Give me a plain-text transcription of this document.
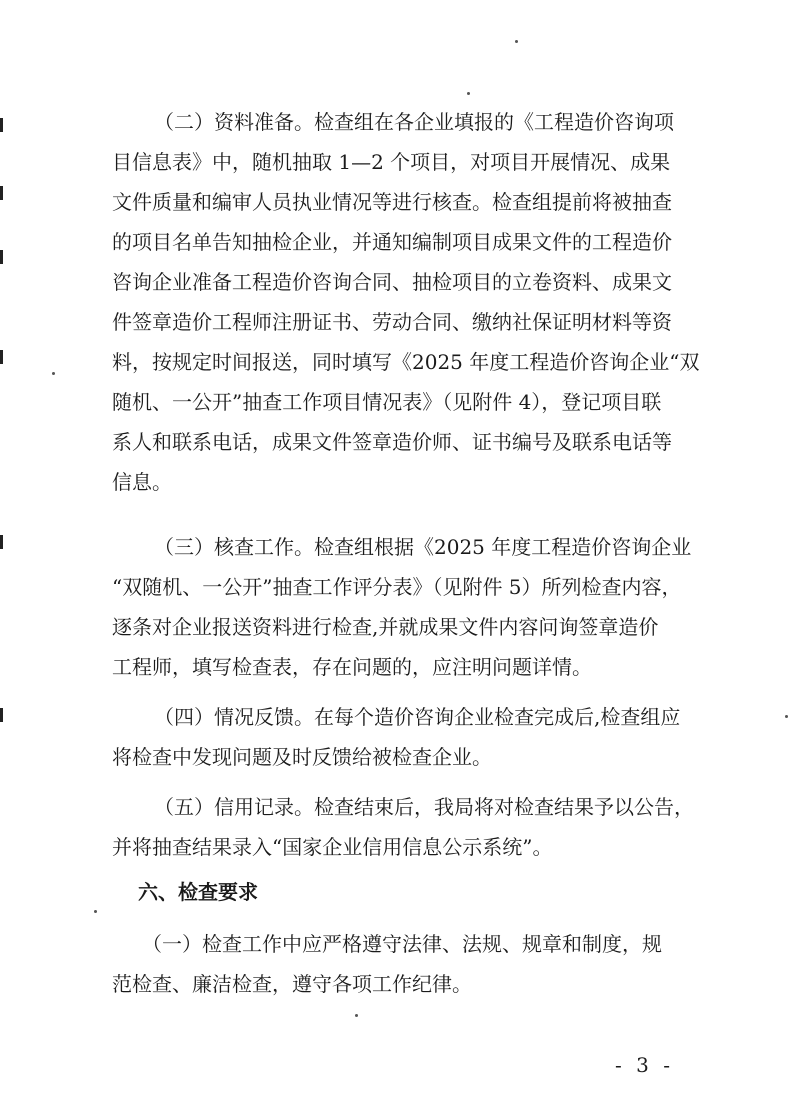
（二）资料准备。检查组在各企业填报的《工程造价咨询项
目信息表》中，随机抽取 1—2 个项目，对项目开展情况、成果
文件质量和编审人员执业情况等进行核查。检查组提前将被抽查
的项目名单告知抽检企业，并通知编制项目成果文件的工程造价
咨询企业准备工程造价咨询合同、抽检项目的立卷资料、成果文
件签章造价工程师注册证书、劳动合同、缴纳社保证明材料等资
料，按规定时间报送，同时填写《2025 年度工程造价咨询企业“双
随机、一公开”抽查工作项目情况表》（见附件 4），登记项目联
系人和联系电话，成果文件签章造价师、证书编号及联系电话等
信息。

（三）核查工作。检查组根据《2025 年度工程造价咨询企业
“双随机、一公开”抽查工作评分表》（见附件 5）所列检查内容，
逐条对企业报送资料进行检查,并就成果文件内容问询签章造价
工程师，填写检查表，存在问题的，应注明问题详情。

（四）情况反馈。在每个造价咨询企业检查完成后,检查组应
将检查中发现问题及时反馈给被检查企业。

（五）信用记录。检查结束后，我局将对检查结果予以公告，
并将抽查结果录入“国家企业信用信息公示系统”。

六、检查要求

（一）检查工作中应严格遵守法律、法规、规章和制度，规
范检查、廉洁检查，遵守各项工作纪律。

- 3 -
